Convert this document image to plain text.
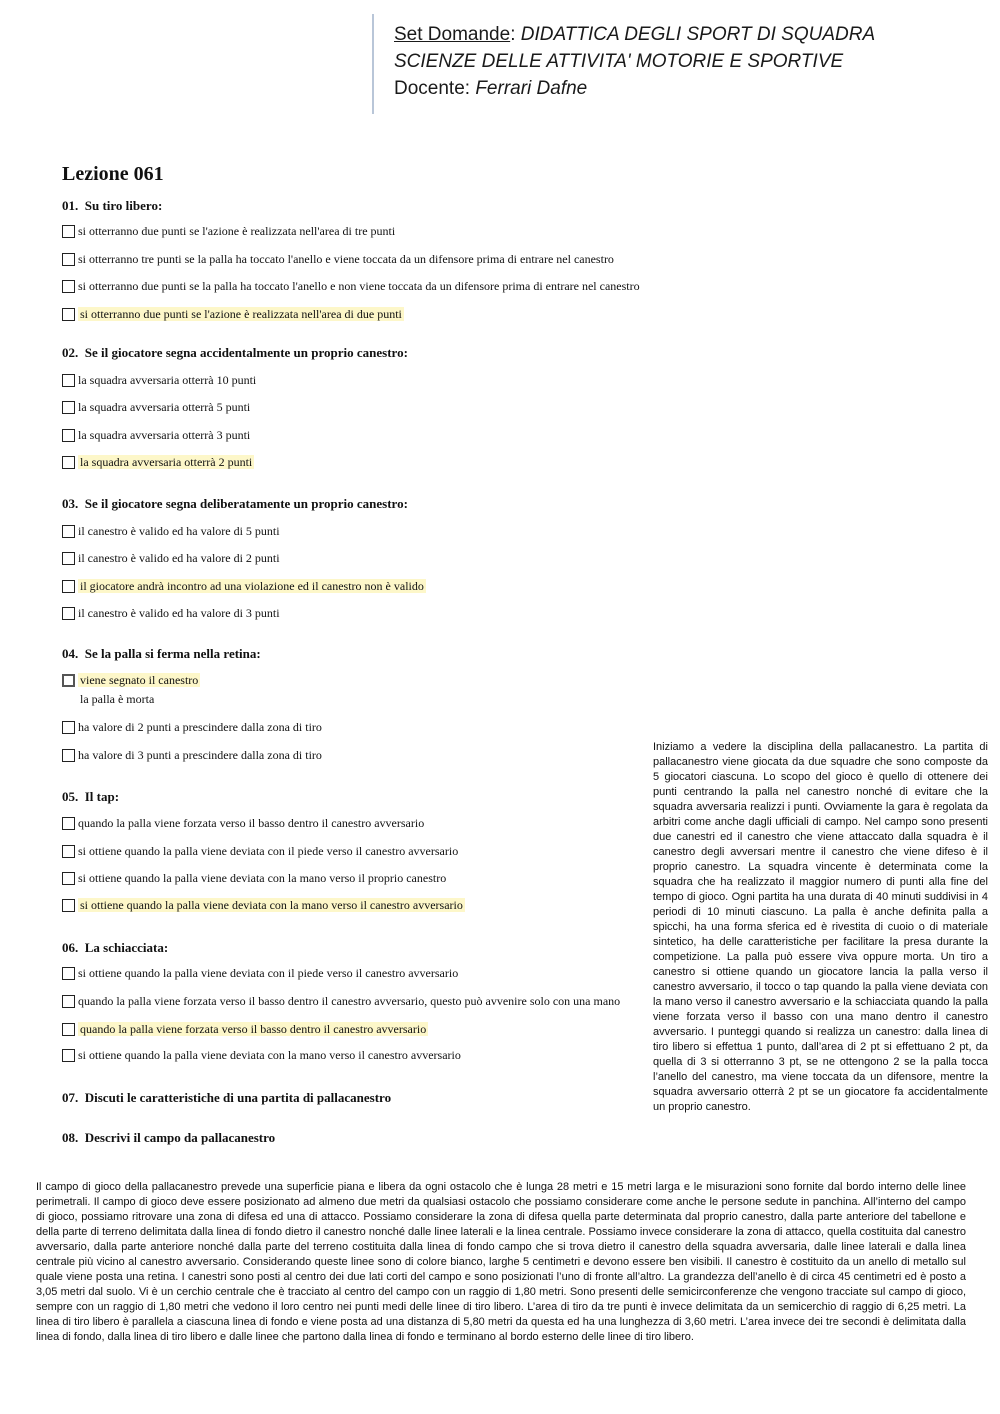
Set Domande: DIDATTICA DEGLI SPORT DI SQUADRA
SCIENZE DELLE ATTIVITA' MOTORIE E SPORTIVE
Docente: Ferrari Dafne
Lezione 061
01. Su tiro libero:
si otterranno due punti se l'azione è realizzata nell'area di tre punti
si otterranno tre punti se la palla ha toccato l'anello e viene toccata da un difensore prima di entrare nel canestro
si otterranno due punti se la palla ha toccato l'anello e non viene toccata da un difensore prima di entrare nel canestro
si otterranno due punti se l'azione è realizzata nell'area di due punti
02. Se il giocatore segna accidentalmente un proprio canestro:
la squadra avversaria otterrà 10 punti
la squadra avversaria otterrà 5 punti
la squadra avversaria otterrà 3 punti
la squadra avversaria otterrà 2 punti
03. Se il giocatore segna deliberatamente un proprio canestro:
il canestro è valido ed ha valore di 5 punti
il canestro è valido ed ha valore di 2 punti
il giocatore andrà incontro ad una violazione ed il canestro non è valido
il canestro è valido ed ha valore di 3 punti
04. Se la palla si ferma nella retina:
viene segnato il canestro
la palla è morta
ha valore di 2 punti a prescindere dalla zona di tiro
ha valore di 3 punti a prescindere dalla zona di tiro
05. Il tap:
quando la palla viene forzata verso il basso dentro il canestro avversario
si ottiene quando la palla viene deviata con il piede verso il canestro avversario
si ottiene quando la palla viene deviata con la mano verso il proprio canestro
si ottiene quando la palla viene deviata con la mano verso il canestro avversario
06. La schiacciata:
si ottiene quando la palla viene deviata con il piede verso il canestro avversario
quando la palla viene forzata verso il basso dentro il canestro avversario, questo può avvenire solo con una mano
quando la palla viene forzata verso il basso dentro il canestro avversario
si ottiene quando la palla viene deviata con la mano verso il canestro avversario
07. Discuti le caratteristiche di una partita di pallacanestro
08. Descrivi il campo da pallacanestro
Iniziamo a vedere la disciplina della pallacanestro. La partita di pallacanestro viene giocata da due squadre che sono composte da 5 giocatori ciascuna. Lo scopo del gioco è quello di ottenere dei punti centrando la palla nel canestro nonché di evitare che la squadra avversaria realizzi i punti. Ovviamente la gara è regolata da arbitri come anche dagli ufficiali di campo. Nel campo sono presenti due canestri ed il canestro che viene attaccato dalla squadra è il canestro degli avversari mentre il canestro che viene difeso è il proprio canestro. La squadra vincente è determinata come la squadra che ha realizzato il maggior numero di punti alla fine del tempo di gioco. Ogni partita ha una durata di 40 minuti suddivisi in 4 periodi di 10 minuti ciascuno. La palla è anche definita palla a spicchi, ha una forma sferica ed è rivestita di cuoio o di materiale sintetico, ha delle caratteristiche per facilitare la presa durante la competizione. La palla può essere viva oppure morta. Un tiro a canestro si ottiene quando un giocatore lancia la palla verso il canestro avversario, il tocco o tap quando la palla viene deviata con la mano verso il canestro avversario e la schiacciata quando la palla viene forzata verso il basso con una mano dentro il canestro avversario. I punteggi quando si realizza un canestro: dalla linea di tiro libero si effettua 1 punto, dall’area di 2 pt si effettuano 2 pt, da quella di 3 si otterranno 3 pt, se ne ottengono 2 se la palla tocca l’anello del canestro, ma viene toccata da un difensore, mentre la squadra avversario otterrà 2 pt se un giocatore fa accidentalmente un proprio canestro.
Il campo di gioco della pallacanestro prevede una superficie piana e libera da ogni ostacolo che è lunga 28 metri e 15 metri larga e le misurazioni sono fornite dal bordo interno delle linee perimetrali. Il campo di gioco deve essere posizionato ad almeno due metri da qualsiasi ostacolo che possiamo considerare come anche le persone sedute in panchina. All’interno del campo di gioco, possiamo ritrovare una zona di difesa ed una di attacco. Possiamo considerare la zona di difesa quella parte determinata dal proprio canestro, dalla parte anteriore del tabellone e della parte di terreno delimitata dalla linea di fondo dietro il canestro nonché dalle linee laterali e la linea centrale. Possiamo invece considerare la zona di attacco, quella costituita dal canestro avversario, dalla parte anteriore nonché dalla parte del terreno costituita dalla linea di fondo campo che si trova dietro il canestro della squadra avversaria, dalle linee laterali e dalla linea centrale più vicino al canestro avversario. Considerando queste linee sono di colore bianco, larghe 5 centimetri e devono essere ben visibili. Il canestro è costituito da un anello di metallo sul quale viene posta una retina. I canestri sono posti al centro dei due lati corti del campo e sono posizionati l’uno di fronte all’altro. La grandezza dell’anello è di circa 45 centimetri ed è posto a 3,05 metri dal suolo. Vi è un cerchio centrale che è tracciato al centro del campo con un raggio di 1,80 metri. Sono presenti delle semicirconferenze che vengono tracciate sul campo di gioco, sempre con un raggio di 1,80 metri che vedono il loro centro nei punti medi delle linee di tiro libero. L’area di tiro da tre punti è invece delimitata da un semicerchio di raggio di 6,25 metri. La linea di tiro libero è parallela a ciascuna linea di fondo e viene posta ad una distanza di 5,80 metri da questa ed ha una lunghezza di 3,60 metri. L’area invece dei tre secondi è delimitata dalla linea di fondo, dalla linea di tiro libero e dalle linee che partono dalla linea di fondo e terminano al bordo esterno delle linee di tiro libero.
